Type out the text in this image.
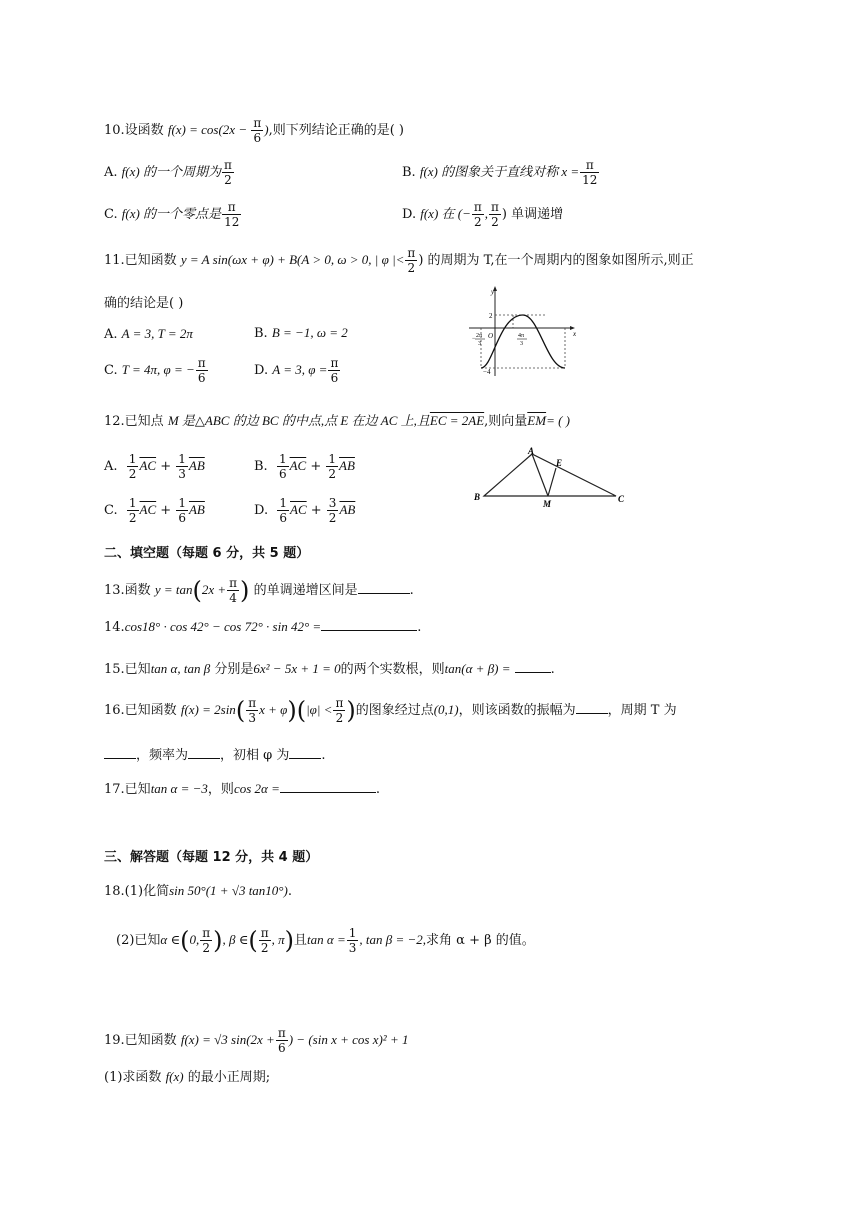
10.设函数 $f(x) = \cos(2x - \frac{\pi}{6}$ ),则下列结论正确的是( )
A. f(x) 的一个周期为 $\frac{\pi}{2}$	B. f(x) 的图象关于直线对称 $x = \frac{\pi}{12}$
C. f(x) 的一个零点是 $\frac{\pi}{12}$	D. f(x) 在 (− $\frac{\pi}{2}$ , $\frac{\pi}{2}$ ) 单调递增
11.已知函数 y = A sin(ωx + φ) + B(A > 0, ω > 0, | φ |< $\frac{\pi}{2}$ ) 的周期为 T,在一个周期内的图象如图所示,则正
确的结论是( )
A. A = 3, T = 2π	B. B = −1, ω = 2
C. T = 4π, φ = − $\frac{\pi}{6}$	D. A = 3, $\varphi = \frac{\pi}{6}$
y
x
O
2
−4
− 2π
3
4π
3
12.已知点 M 是△ABC 的边 BC 的中点,点 E 在边 AC 上,且EC = 2AE,则向量$\overline{EM}=$ ( )
A. $\frac{1}{2} \overline{AC} + \frac{1}{3} \overline{AB}$	B. $\frac{1}{6} \overline{AC} + \frac{1}{2} \overline{AB}$
C. $\frac{1}{2} \overline{AC} + \frac{1}{6} \overline{AB}$	D. $\frac{1}{6} \overline{AC} + \frac{3}{2} \overline{AB}$
A
E
B	C
M
二、填空题（每题 6 分，共 5 题）
13.函数 $y = \tan(2x + \frac{\pi}{4}$ ) 的单调递增区间是	.
14.cos18° · cos 42° − cos 72° · sin 42° =	.
15.已知tan α, tan β 分别是6x² − 5x + 1 = 0的两个实数根，则tan(α + β) =	.
16.已知函数 $f(x) = 2\sin( \frac{\pi}{3}$ $x + \varphi)(|\varphi| < \frac{\pi}{2}$ )的图象经过点(0,1)，则该函数的振幅为 ，周期 T 为
，频率为 ，初相 φ 为 .
17.已知tan α = −3，则cos 2α =	.
三、解答题（每题 12 分，共 4 题）
18.(1)化简sin 50°(1 + √3 tan10°).
(2)已知α ∈(0, $\frac{\pi}{2}$ ), β ∈( $\frac{\pi}{2}$ , π)且$\tan \alpha = \frac{1}{3}$ , tan β = −2,求角 α + β 的值。
19.已知函数 f(x) = √3 $\sin(2x + \frac{\pi}{6}$ ) − (sin x + cos x)² + 1
(1)求函数 f(x) 的最小正周期;
